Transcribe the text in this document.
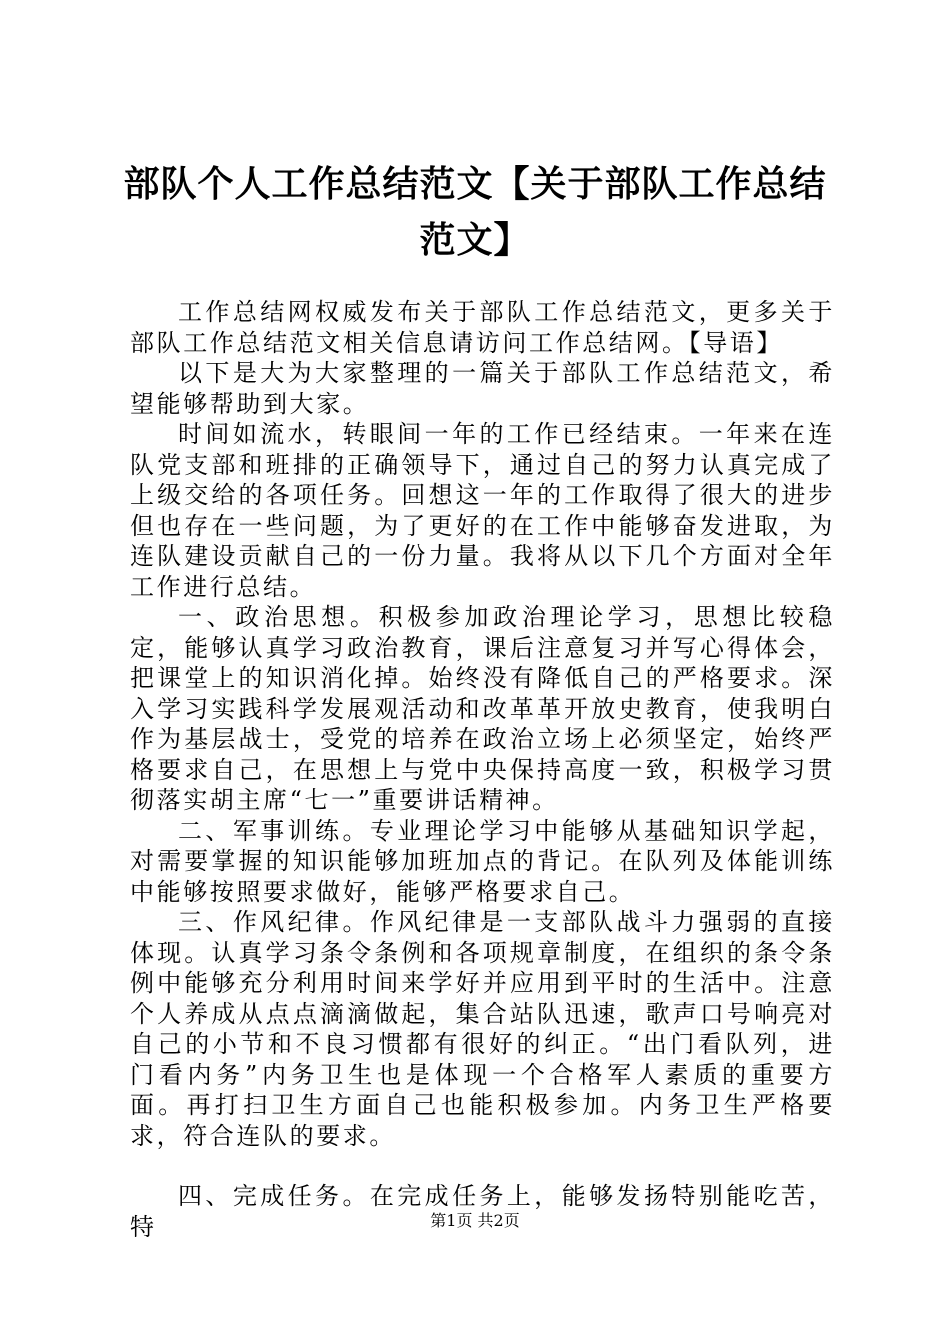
部队个人工作总结范文【关于部队工作总结范文】

工作总结网权威发布关于部队工作总结范文，更多关于部队工作总结范文相关信息请访问工作总结网。【导语】

以下是大为大家整理的一篇关于部队工作总结范文，希望能够帮助到大家。

时间如流水，转眼间一年的工作已经结束。一年来在连队党支部和班排的正确领导下，通过自己的努力认真完成了上级交给的各项任务。回想这一年的工作取得了很大的进步但也存在一些问题，为了更好的在工作中能够奋发进取，为连队建设贡献自己的一份力量。我将从以下几个方面对全年工作进行总结。

一、政治思想。积极参加政治理论学习，思想比较稳定，能够认真学习政治教育，课后注意复习并写心得体会，把课堂上的知识消化掉。始终没有降低自己的严格要求。深入学习实践科学发展观活动和改革革开放史教育，使我明白作为基层战士，受党的培养在政治立场上必须坚定，始终严格要求自己，在思想上与党中央保持高度一致，积极学习贯彻落实胡主席“七一”重要讲话精神。

二、军事训练。专业理论学习中能够从基础知识学起，对需要掌握的知识能够加班加点的背记。在队列及体能训练中能够按照要求做好，能够严格要求自己。

三、作风纪律。作风纪律是一支部队战斗力强弱的直接体现。认真学习条令条例和各项规章制度，在组织的条令条例中能够充分利用时间来学好并应用到平时的生活中。注意个人养成从点点滴滴做起，集合站队迅速，歌声口号响亮对自己的小节和不良习惯都有很好的纠正。“出门看队列，进门看内务”内务卫生也是体现一个合格军人素质的重要方面。再打扫卫生方面自己也能积极参加。内务卫生严格要求，符合连队的要求。

四、完成任务。在完成任务上，能够发扬特别能吃苦，特	第1页 共2页
